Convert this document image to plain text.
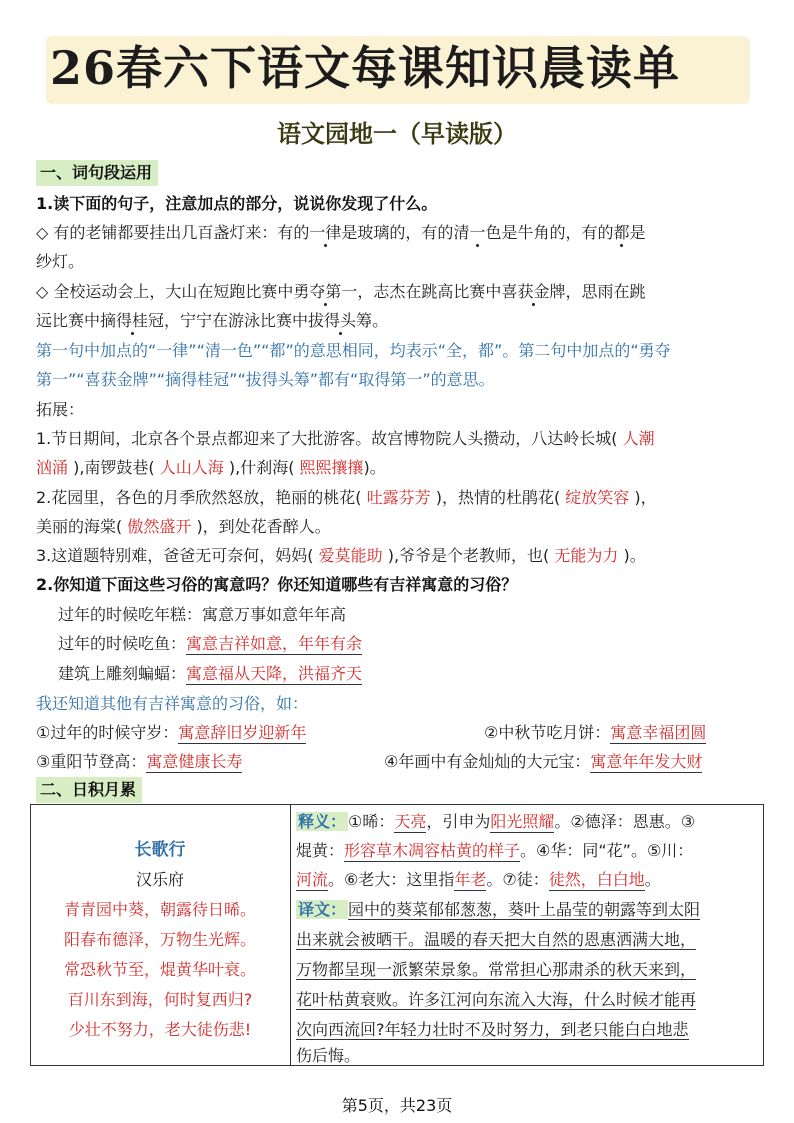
26春六下语文每课知识晨读单
语文园地一（早读版）
一、词句段运用
1.读下面的句子，注意加点的部分，说说你发现了什么。
◇ 有的老铺都要挂出几百盏灯来：有的一律是玻璃的，有的清一色是牛角的，有的都是
纱灯。
◇ 全校运动会上，大山在短跑比赛中勇夺第一，志杰在跳高比赛中喜获金牌，思雨在跳
远比赛中摘得桂冠，宁宁在游泳比赛中拔得头筹。
第一句中加点的“一律”“清一色”“都”的意思相同，均表示“全，都”。第二句中加点的“勇夺
第一”“喜获金牌”“摘得桂冠”“拔得头筹”都有“取得第一”的意思。
拓展：
1.节日期间，北京各个景点都迎来了大批游客。故宫博物院人头攒动，八达岭长城( 人潮
汹涌 ),南锣鼓巷( 人山人海 ),什刹海( 熙熙攘攘)。
2.花园里，各色的月季欣然怒放，艳丽的桃花( 吐露芬芳 )，热情的杜鹃花( 绽放笑容 )，
美丽的海棠( 傲然盛开 )，到处花香醉人。
3.这道题特别难，爸爸无可奈何，妈妈( 爱莫能助 ),爷爷是个老教师，也( 无能为力 )。
2.你知道下面这些习俗的寓意吗？你还知道哪些有吉祥寓意的习俗？
过年的时候吃年糕：寓意万事如意年年高
过年的时候吃鱼：寓意吉祥如意，年年有余
建筑上雕刻蝙蝠：寓意福从天降，洪福齐天
我还知道其他有吉祥寓意的习俗，如：
①过年的时候守岁：寓意辞旧岁迎新年	②中秋节吃月饼：寓意幸福团圆
③重阳节登高：寓意健康长寿	④年画中有金灿灿的大元宝：寓意年年发大财
二、日积月累
长歌行
汉乐府
青青园中葵，朝露待日晞。
阳春布德泽，万物生光辉。
常恐秋节至，焜黄华叶衰。
百川东到海，何时复西归?
少壮不努力，老大徒伤悲!
释义： ①晞：天亮，引申为阳光照耀。②德泽：恩惠。③
焜黄：形容草木凋容枯黄的样子。④华：同“花”。⑤川：
河流。⑥老大：这里指年老。⑦徒：徒然，白白地。
译文： 园中的葵菜郁郁葱葱，葵叶上晶莹的朝露等到太阳
出来就会被晒干。温暖的春天把大自然的恩惠洒满大地，
万物都呈现一派繁荣景象。常常担心那肃杀的秋天来到，
花叶枯黄衰败。许多江河向东流入大海，什么时候才能再
次向西流回?年轻力壮时不及时努力，到老只能白白地悲
伤后悔。
第5页，共23页
